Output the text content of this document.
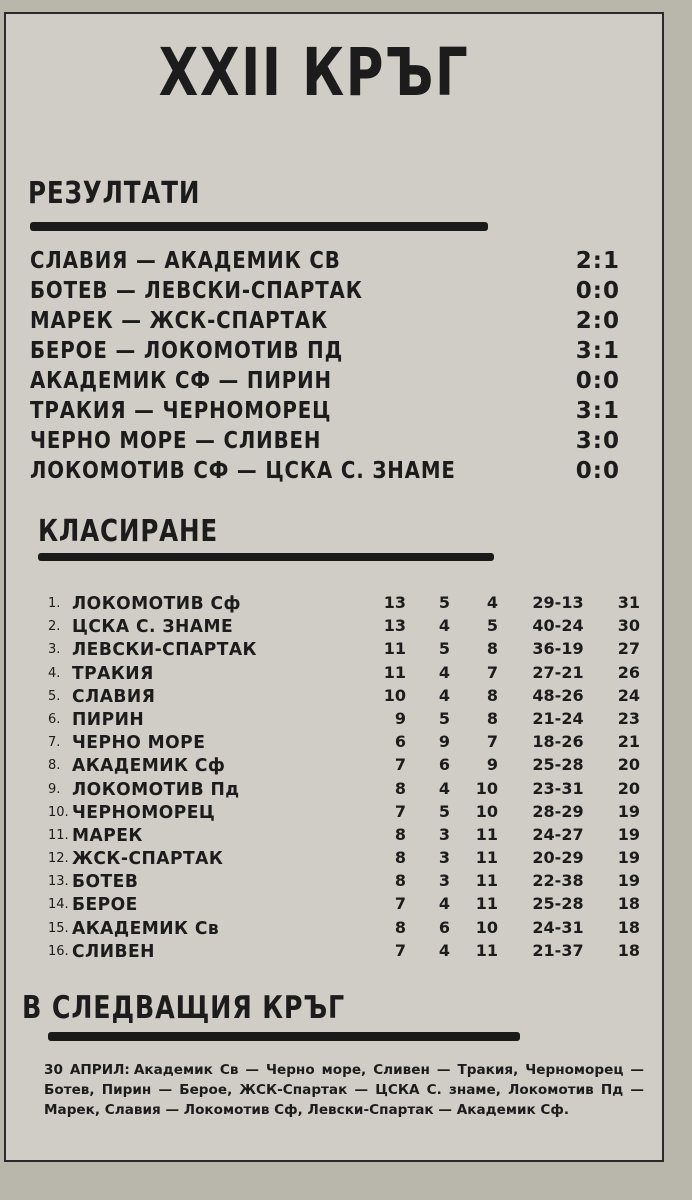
XXII КРЪГ
РЕЗУЛТАТИ
СЛАВИЯ — АКАДЕМИК СВ	2:1
БОТЕВ — ЛЕВСКИ-СПАРТАК	0:0
МАРЕК — ЖСК-СПАРТАК	2:0
БЕРОЕ — ЛОКОМОТИВ ПД	3:1
АКАДЕМИК СФ — ПИРИН	0:0
ТРАКИЯ — ЧЕРНОМОРЕЦ	3:1
ЧЕРНО МОРЕ — СЛИВЕН	3:0
ЛОКОМОТИВ СФ — ЦСКА С. ЗНАМЕ	0:0
КЛАСИРАНЕ
1. ЛОКОМОТИВ Сф	13	5	4 29-13	31
2. ЦСКА С. ЗНАМЕ	13	4	5 40-24	30
3. ЛЕВСКИ-СПАРТАК	11	5	8 36-19	27
4. ТРАКИЯ	11	4	7 27-21	26
5. СЛАВИЯ	10	4	8 48-26	24
6. ПИРИН	9	5	8 21-24	23
7. ЧЕРНО МОРЕ	6	9	7 18-26	21
8. АКАДЕМИК Сф	7	6	9 25-28	20
9. ЛОКОМОТИВ Пд	8	4 10 23-31	20
10. ЧЕРНОМОРЕЦ	7	5 10 28-29	19
11. МАРЕК	8	3 11 24-27	19
12. ЖСК-СПАРТАК	8	3 11 20-29	19
13. БОТЕВ	8	3 11 22-38	19
14. БЕРОЕ	7	4 11 25-28	18
15. АКАДЕМИК Св	8	6 10 24-31	18
16. СЛИВЕН	7	4 11 21-37	18
В СЛЕДВАЩИЯ КРЪГ
30 АПРИЛ: Академик Св — Черно море, Сливен — Тракия, Черноморец — Ботев, Пирин — Берое, ЖСК-Спартак — ЦСКА С. знаме, Локомотив Пд — Марек, Славия — Локомотив Сф, Левски-Спартак — Академик Сф.
